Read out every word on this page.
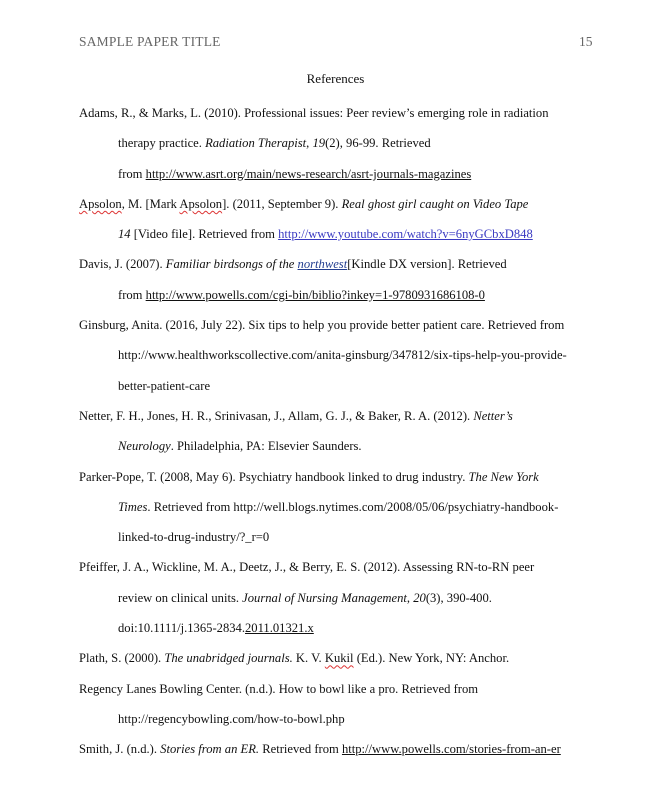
SAMPLE PAPER TITLE	15
References
Adams, R., & Marks, L. (2010). Professional issues: Peer review’s emerging role in radiation
therapy practice. Radiation Therapist, 19(2), 96-99. Retrieved
from http://www.asrt.org/main/news-research/asrt-journals-magazines
Apsolon, M. [Mark Apsolon]. (2011, September 9). Real ghost girl caught on Video Tape
14 [Video file]. Retrieved from http://www.youtube.com/watch?v=6nyGCbxD848
Davis, J. (2007). Familiar birdsongs of the northwest[Kindle DX version]. Retrieved
from http://www.powells.com/cgi-bin/biblio?inkey=1-9780931686108-0
Ginsburg, Anita. (2016, July 22). Six tips to help you provide better patient care. Retrieved from
http://www.healthworkscollective.com/anita-ginsburg/347812/six-tips-help-you-provide-
better-patient-care
Netter, F. H., Jones, H. R., Srinivasan, J., Allam, G. J., & Baker, R. A. (2012). Netter’s
Neurology. Philadelphia, PA: Elsevier Saunders.
Parker-Pope, T. (2008, May 6). Psychiatry handbook linked to drug industry. The New York
Times. Retrieved from http://well.blogs.nytimes.com/2008/05/06/psychiatry-handbook-
linked-to-drug-industry/?_r=0
Pfeiffer, J. A., Wickline, M. A., Deetz, J., & Berry, E. S. (2012). Assessing RN-to-RN peer
review on clinical units. Journal of Nursing Management, 20(3), 390-400.
doi:10.1111/j.1365-2834.2011.01321.x
Plath, S. (2000). The unabridged journals. K. V. Kukil (Ed.). New York, NY: Anchor.
Regency Lanes Bowling Center. (n.d.). How to bowl like a pro. Retrieved from
http://regencybowling.com/how-to-bowl.php
Smith, J. (n.d.). Stories from an ER. Retrieved from http://www.powells.com/stories-from-an-er
